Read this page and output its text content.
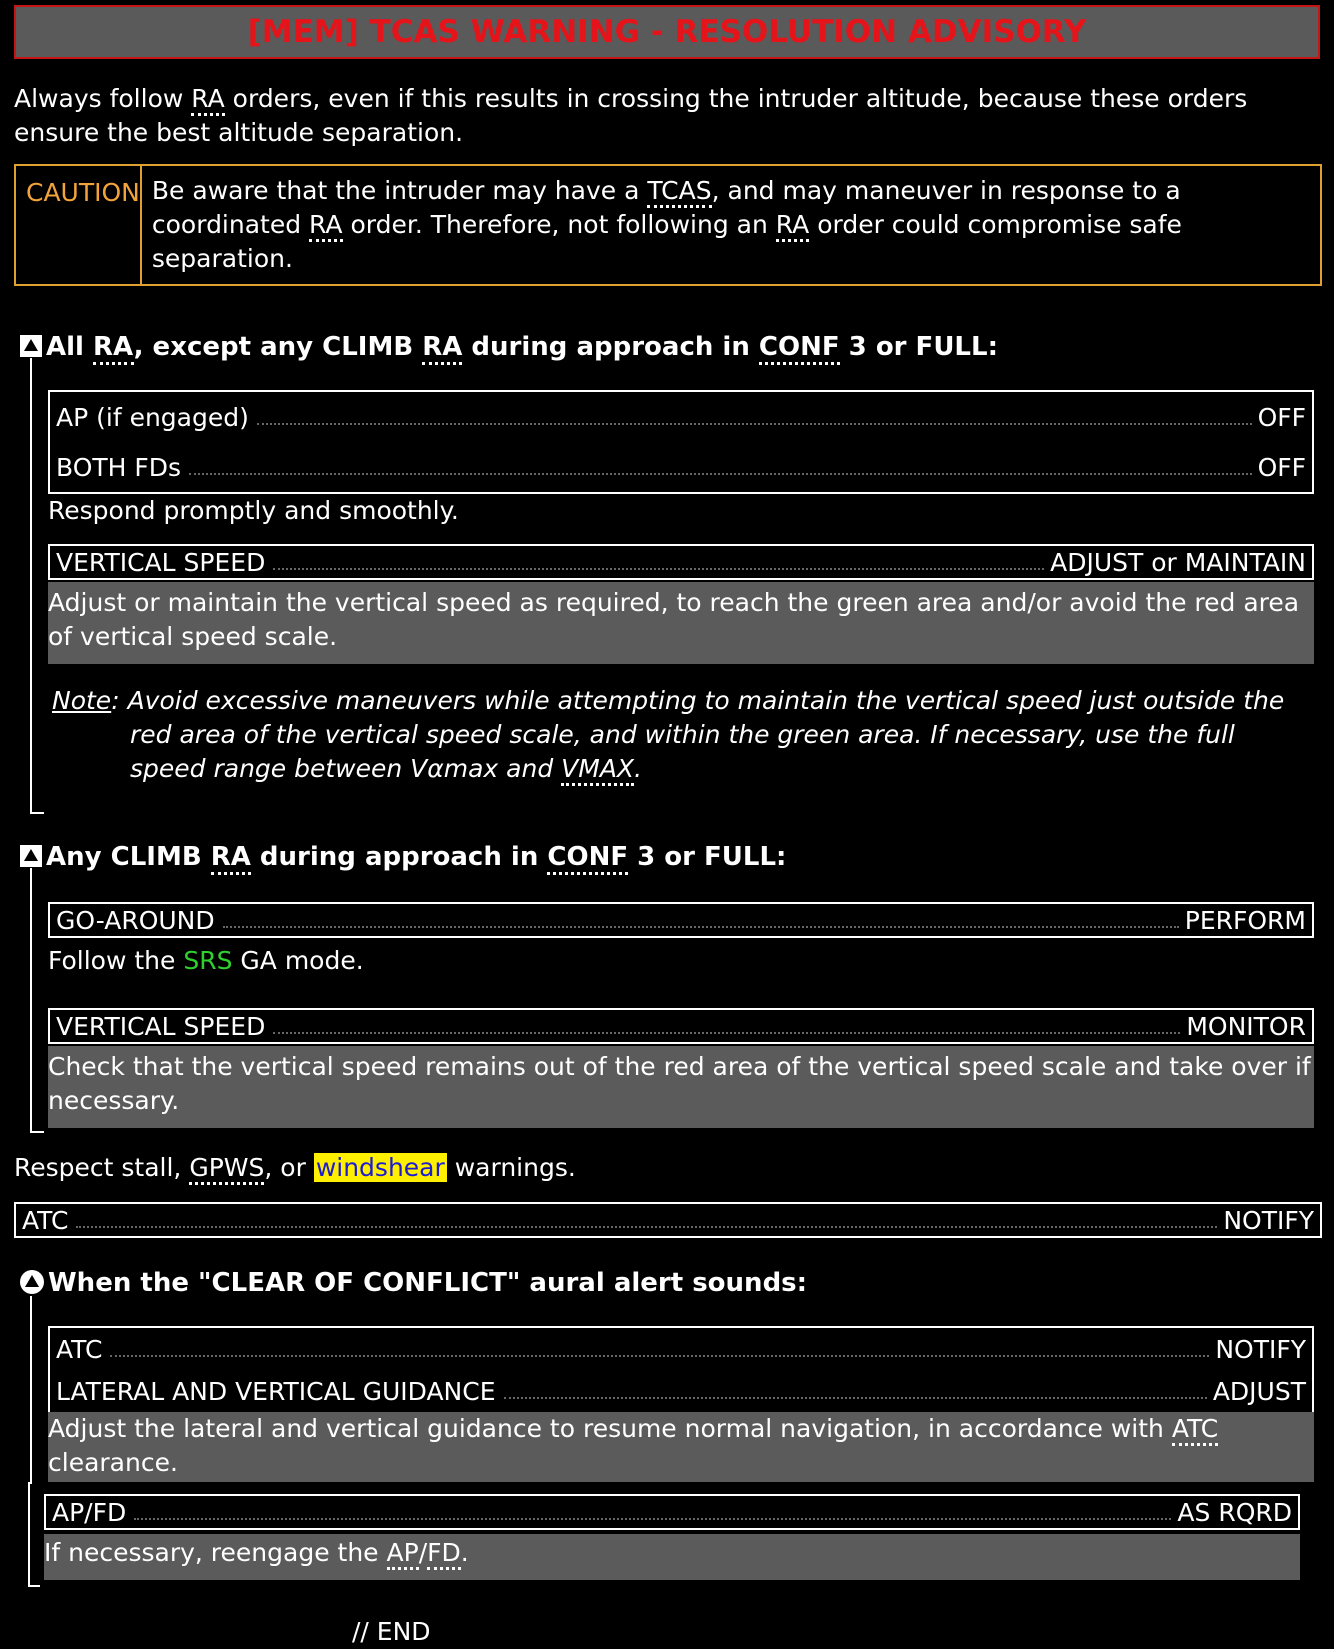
[MEM] TCAS WARNING - RESOLUTION ADVISORY
Always follow RA orders, even if this results in crossing the intruder altitude, because these orders ensure the best altitude separation.
CAUTION Be aware that the intruder may have a TCAS, and may maneuver in response to a coordinated RA order. Therefore, not following an RA order could compromise safe separation.
All RA, except any CLIMB RA during approach in CONF 3 or FULL:
AP (if engaged)	OFF
BOTH FDs	OFF
Respond promptly and smoothly.
VERTICAL SPEED	ADJUST or MAINTAIN
Adjust or maintain the vertical speed as required, to reach the green area and/or avoid the red area of vertical speed scale.
Note: Avoid excessive maneuvers while attempting to maintain the vertical speed just outside the red area of the vertical speed scale, and within the green area. If necessary, use the full speed range between Vαmax and VMAX.
Any CLIMB RA during approach in CONF 3 or FULL:
GO-AROUND	PERFORM
Follow the SRS GA mode.
VERTICAL SPEED	MONITOR
Check that the vertical speed remains out of the red area of the vertical speed scale and take over if necessary.
Respect stall, GPWS, or windshear warnings.
ATC	NOTIFY
When the "CLEAR OF CONFLICT" aural alert sounds:
ATC	NOTIFY
LATERAL AND VERTICAL GUIDANCE	ADJUST
Adjust the lateral and vertical guidance to resume normal navigation, in accordance with ATC clearance.
AP/FD	AS RQRD
If necessary, reengage the AP/FD.
// END
